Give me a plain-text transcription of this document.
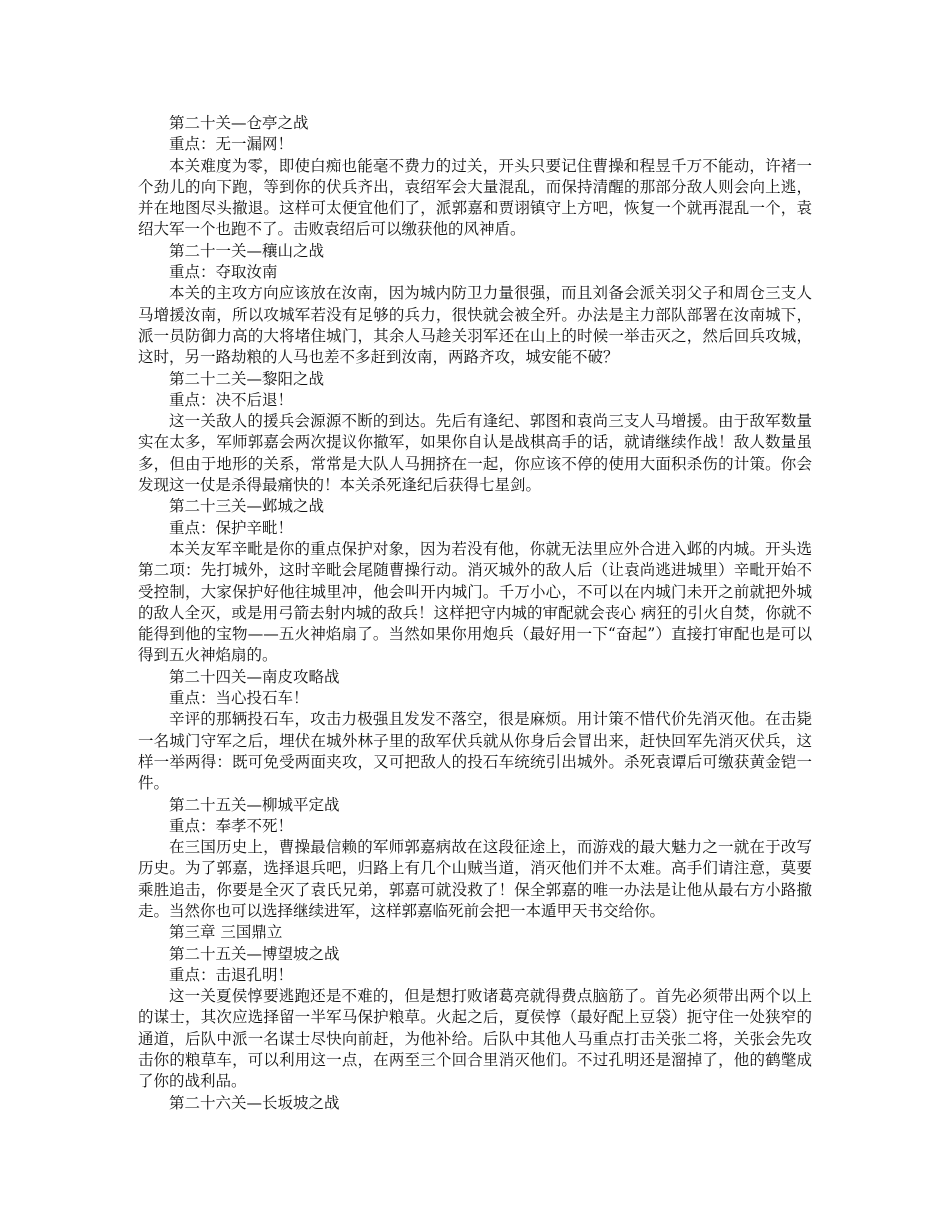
第二十关—仓亭之战

重点：无一漏网！

本关难度为零，即使白痴也能毫不费力的过关，开头只要记住曹操和程昱千万不能动，许褚一个劲儿的向下跑，等到你的伏兵齐出，袁绍军会大量混乱，而保持清醒的那部分敌人则会向上逃，并在地图尽头撤退。这样可太便宜他们了，派郭嘉和贾诩镇守上方吧，恢复一个就再混乱一个，袁绍大军一个也跑不了。击败袁绍后可以缴获他的风神盾。

第二十一关—穰山之战

重点：夺取汝南

本关的主攻方向应该放在汝南，因为城内防卫力量很强，而且刘备会派关羽父子和周仓三支人马增援汝南，所以攻城军若没有足够的兵力，很快就会被全歼。办法是主力部队部署在汝南城下，派一员防御力高的大将堵住城门，其余人马趁关羽军还在山上的时候一举击灭之，然后回兵攻城，这时，另一路劫粮的人马也差不多赶到汝南，两路齐攻，城安能不破？

第二十二关—黎阳之战

重点：决不后退！

这一关敌人的援兵会源源不断的到达。先后有逢纪、郭图和袁尚三支人马增援。由于敌军数量实在太多，军师郭嘉会两次提议你撤军，如果你自认是战棋高手的话，就请继续作战！敌人数量虽多，但由于地形的关系，常常是大队人马拥挤在一起，你应该不停的使用大面积杀伤的计策。你会发现这一仗是杀得最痛快的！本关杀死逢纪后获得七星剑。

第二十三关—邺城之战

重点：保护辛毗！

本关友军辛毗是你的重点保护对象，因为若没有他，你就无法里应外合进入邺的内城。开头选第二项：先打城外，这时辛毗会尾随曹操行动。消灭城外的敌人后（让袁尚逃进城里）辛毗开始不受控制，大家保护好他往城里冲，他会叫开内城门。千万小心，不可以在内城门未开之前就把外城的敌人全灭，或是用弓箭去射内城的敌兵！这样把守内城的审配就会丧心 病狂的引火自焚，你就不能得到他的宝物——五火神焰扇了。当然如果你用炮兵（最好用一下“奋起”）直接打审配也是可以得到五火神焰扇的。

第二十四关—南皮攻略战

重点：当心投石车！

辛评的那辆投石车，攻击力极强且发发不落空，很是麻烦。用计策不惜代价先消灭他。在击毙一名城门守军之后，埋伏在城外林子里的敌军伏兵就从你身后会冒出来，赶快回军先消灭伏兵，这样一举两得：既可免受两面夹攻，又可把敌人的投石车统统引出城外。杀死袁谭后可缴获黄金铠一件。

第二十五关—柳城平定战

重点：奉孝不死！

在三国历史上，曹操最信赖的军师郭嘉病故在这段征途上，而游戏的最大魅力之一就在于改写历史。为了郭嘉，选择退兵吧，归路上有几个山贼当道，消灭他们并不太难。高手们请注意，莫要乘胜追击，你要是全灭了袁氏兄弟，郭嘉可就没救了！保全郭嘉的唯一办法是让他从最右方小路撤走。当然你也可以选择继续进军，这样郭嘉临死前会把一本遁甲天书交给你。

第三章 三国鼎立

第二十五关—博望坡之战

重点：击退孔明！

这一关夏侯惇要逃跑还是不难的，但是想打败诸葛亮就得费点脑筋了。首先必须带出两个以上的谋士，其次应选择留一半军马保护粮草。火起之后，夏侯惇（最好配上豆袋）扼守住一处狭窄的通道，后队中派一名谋士尽快向前赶，为他补给。后队中其他人马重点打击关张二将，关张会先攻击你的粮草车，可以利用这一点，在两至三个回合里消灭他们。不过孔明还是溜掉了，他的鹤氅成了你的战利品。

第二十六关—长坂坡之战
